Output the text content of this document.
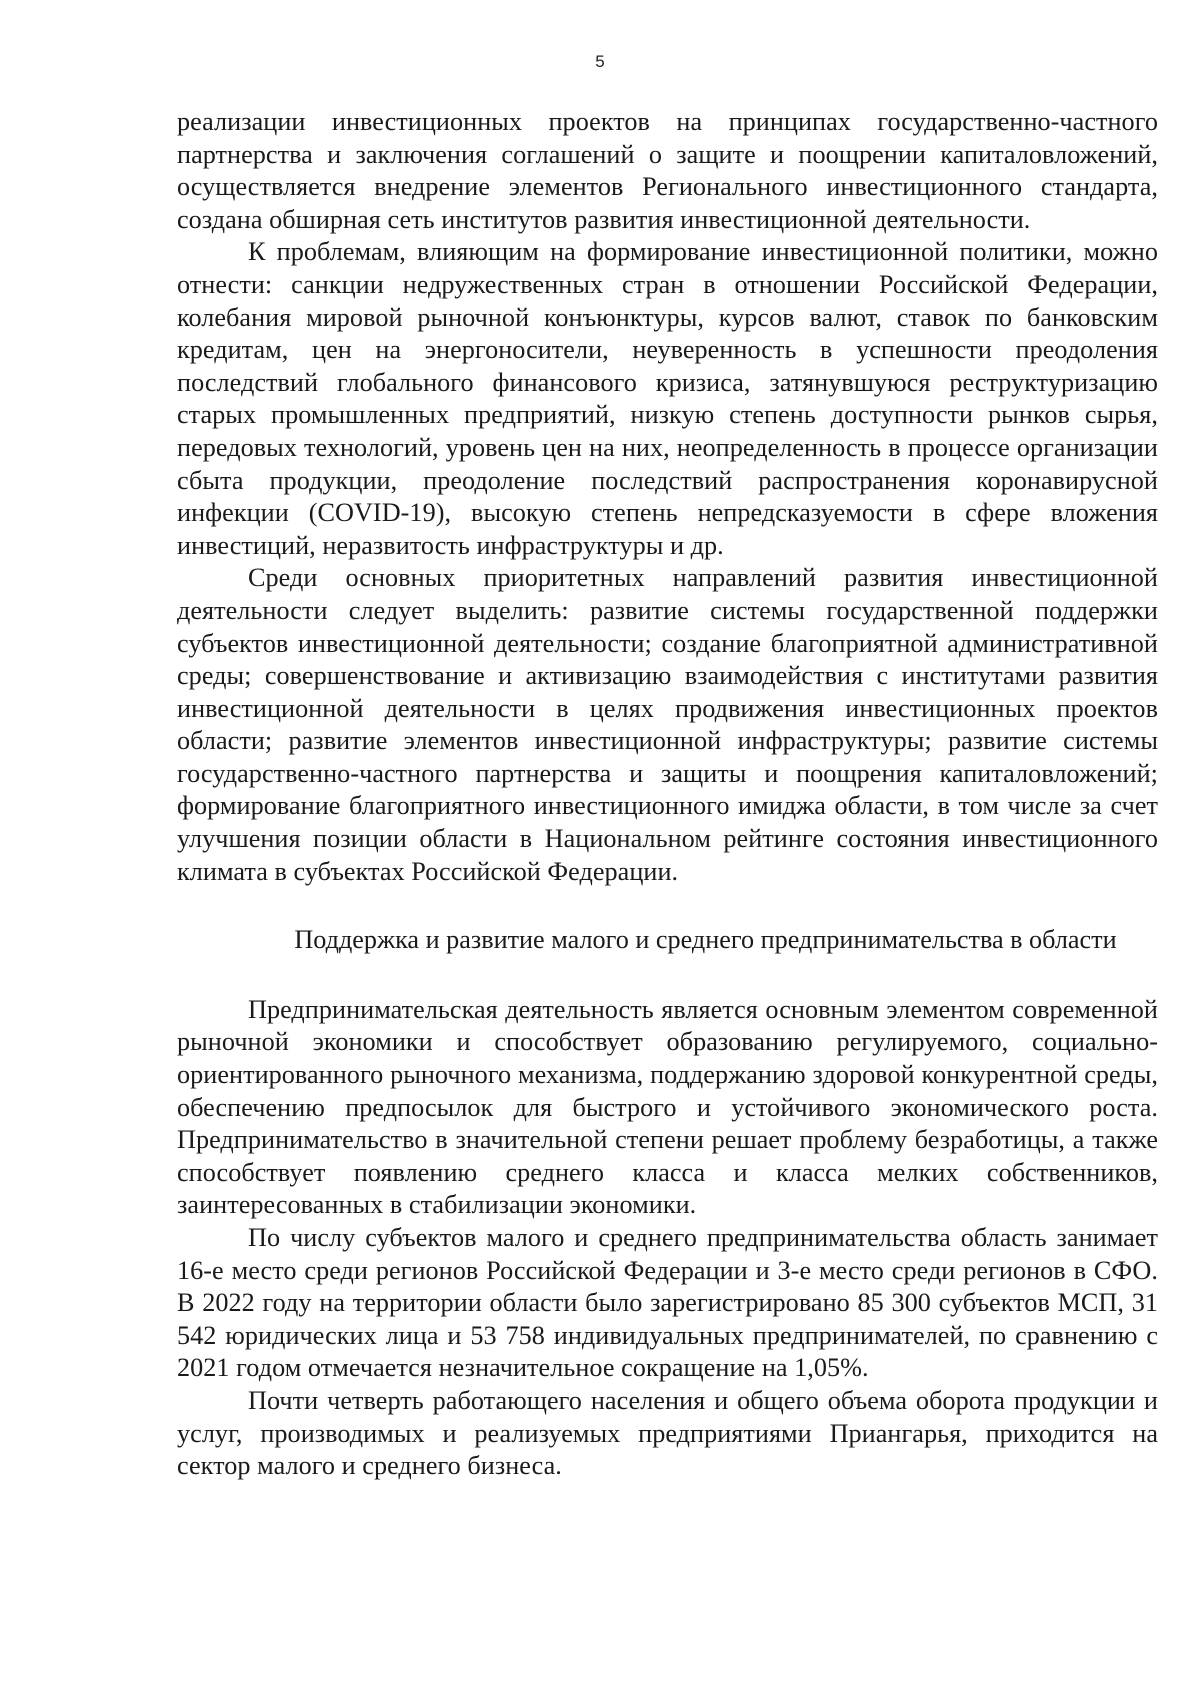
5

реализации инвестиционных проектов на принципах государственно-частного партнерства и заключения соглашений о защите и поощрении капиталовложений, осуществляется внедрение элементов Регионального инвестиционного стандарта, создана обширная сеть институтов развития инвестиционной деятельности.

К проблемам, влияющим на формирование инвестиционной политики, можно отнести: санкции недружественных стран в отношении Российской Федерации, колебания мировой рыночной конъюнктуры, курсов валют, ставок по банковским кредитам, цен на энергоносители, неуверенность в успешности преодоления последствий глобального финансового кризиса, затянувшуюся реструктуризацию старых промышленных предприятий, низкую степень доступности рынков сырья, передовых технологий, уровень цен на них, неопределенность в процессе организации сбыта продукции, преодоление последствий распространения коронавирусной инфекции (COVID-19), высокую степень непредсказуемости в сфере вложения инвестиций, неразвитость инфраструктуры и др.

Среди основных приоритетных направлений развития инвестиционной деятельности следует выделить: развитие системы государственной поддержки субъектов инвестиционной деятельности; создание благоприятной административной среды; совершенствование и активизацию взаимодействия с институтами развития инвестиционной деятельности в целях продвижения инвестиционных проектов области; развитие элементов инвестиционной инфраструктуры; развитие системы государственно-частного партнерства и защиты и поощрения капиталовложений; формирование благоприятного инвестиционного имиджа области, в том числе за счет улучшения позиции области в Национальном рейтинге состояния инвестиционного климата в субъектах Российской Федерации.

Поддержка и развитие малого и среднего предпринимательства в области

Предпринимательская деятельность является основным элементом современной рыночной экономики и способствует образованию регулируемого, социально-ориентированного рыночного механизма, поддержанию здоровой конкурентной среды, обеспечению предпосылок для быстрого и устойчивого экономического роста. Предпринимательство в значительной степени решает проблему безработицы, а также способствует появлению среднего класса и класса мелких собственников, заинтересованных в стабилизации экономики.

По числу субъектов малого и среднего предпринимательства область занимает 16-е место среди регионов Российской Федерации и 3-е место среди регионов в СФО. В 2022 году на территории области было зарегистрировано 85 300 субъектов МСП, 31 542 юридических лица и 53 758 индивидуальных предпринимателей, по сравнению с 2021 годом отмечается незначительное сокращение на 1,05%.

Почти четверть работающего населения и общего объема оборота продукции и услуг, производимых и реализуемых предприятиями Приангарья, приходится на сектор малого и среднего бизнеса.
